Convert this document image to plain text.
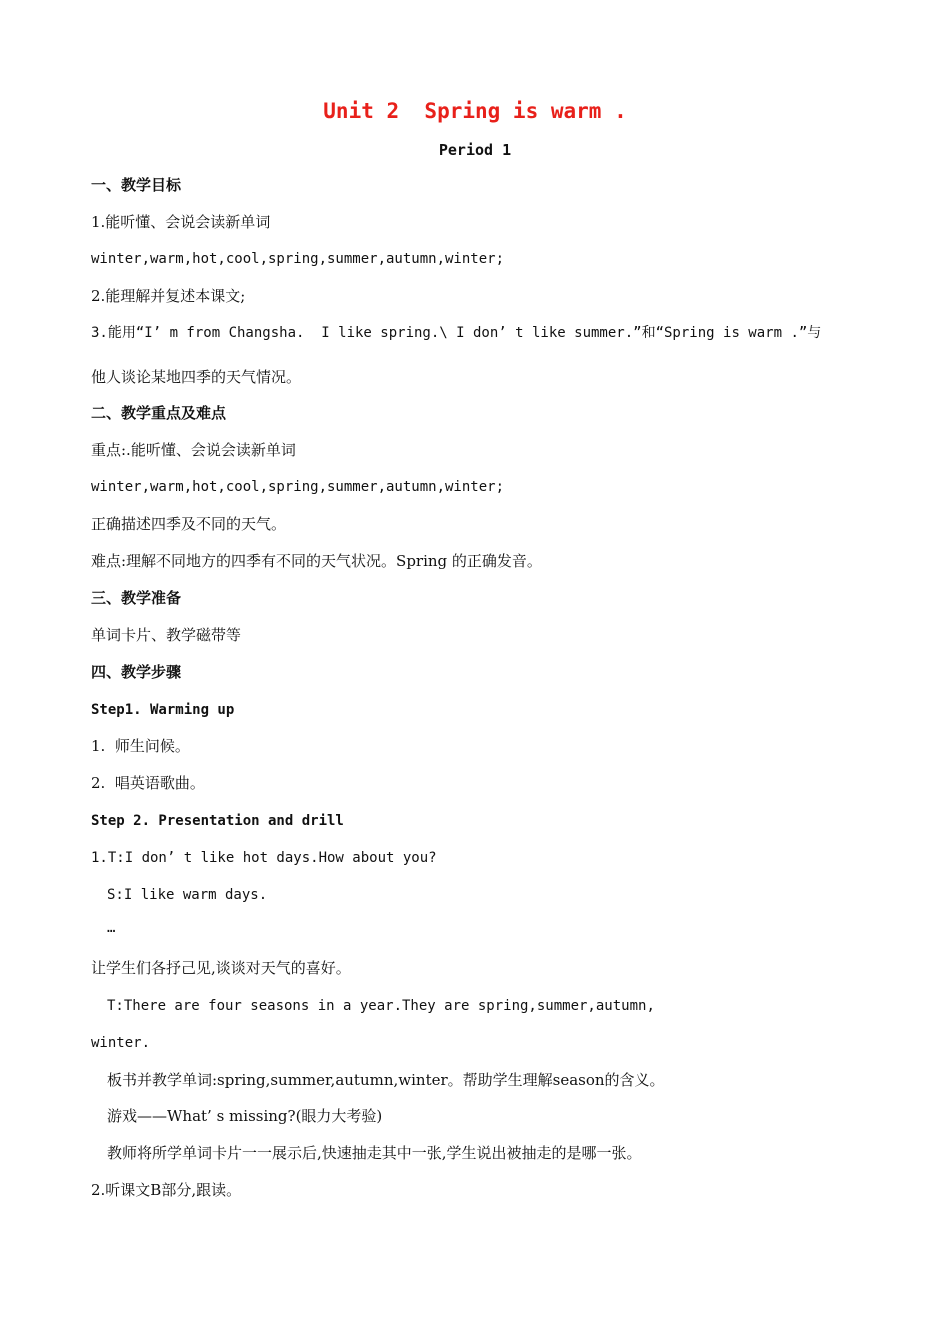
Unit 2  Spring is warm .
Period 1
一、教学目标
1.能听懂、会说会读新单词
winter,warm,hot,cool,spring,summer,autumn,winter;
2.能理解并复述本课文;
3.能用“I’ m from Changsha.  I like spring.\ I don’ t like summer.”和“Spring is warm .”与
他人谈论某地四季的天气情况。
二、教学重点及难点
重点:.能听懂、会说会读新单词
winter,warm,hot,cool,spring,summer,autumn,winter;
正确描述四季及不同的天气。
难点:理解不同地方的四季有不同的天气状况。Spring 的正确发音。
三、教学准备
单词卡片、教学磁带等
四、教学步骤
Step1. Warming up
1.  师生问候。
2.  唱英语歌曲。
Step 2. Presentation and drill
1.T:I don’ t like hot days.How about you?
S:I like warm days.
…
让学生们各抒己见,谈谈对天气的喜好。
T:There are four seasons in a year.They are spring,summer,autumn,
winter.
板书并教学单词:spring,summer,autumn,winter。帮助学生理解season的含义。
游戏——What’ s missing?(眼力大考验)
教师将所学单词卡片一一展示后,快速抽走其中一张,学生说出被抽走的是哪一张。
2.听课文B部分,跟读。
